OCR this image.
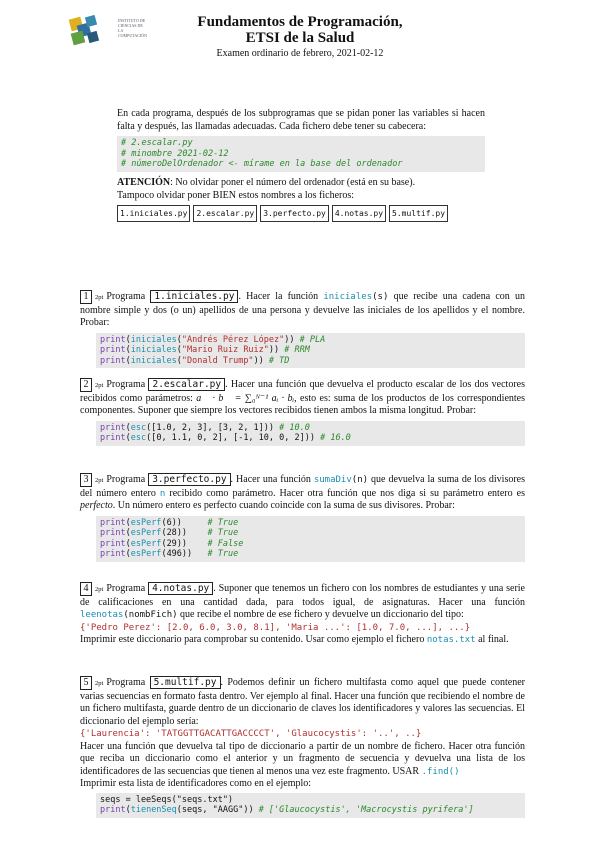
INSTITUTO DE CIENCIAS DE LA COMPUTACIÓN
Fundamentos de Programación,
ETSI de la Salud
Examen ordinario de febrero, 2021-02-12
En cada programa, después de los subprogramas que se pidan poner las variables si hacen falta y después, las llamadas adecuadas. Cada fichero debe tener su cabecera:
# 2.escalar.py
# minombre 2021-02-12
# númeroDelOrdenador <- mírame en la base del ordenador
ATENCIÓN: No olvidar poner el número del ordenador (está en su base).
Tampoco olvidar poner BIEN estos nombres a los ficheros:
1.iniciales.py	2.escalar.py	3.perfecto.py	4.notas.py	5.multif.py
1 2pt Programa 1.iniciales.py . Hacer la función iniciales(s) que recibe una cadena con un nombre simple y dos (o un) apellidos de una persona y devuelve las iniciales de los apellidos y el nombre. Probar:
print(iniciales("Andrés Pérez López")) # PLA
print(iniciales("Mario Ruiz Ruiz")) # RRM
print(iniciales("Donald Trump")) # TD
2 2pt Programa 2.escalar.py . Hacer una función que devuelva el producto escalar de los dos vectores recibidos como parámetros: a⃗ · b⃗ = ∑₀ᴺ⁻¹ aᵢ · bᵢ, esto es: suma de los productos de los correspondientes componentes. Suponer que siempre los vectores recibidos tienen ambos la misma longitud. Probar:
print(esc([1.0, 2, 3], [3, 2, 1])) # 10.0
print(esc([0, 1.1, 0, 2], [-1, 10, 0, 2])) # 16.0
3 2pt Programa 3.perfecto.py . Hacer una función sumaDiv(n) que devuelva la suma de los divisores del número entero n recibido como parámetro. Hacer otra función que nos diga si su parámetro entero es perfecto. Un número entero es perfecto cuando coincide con la suma de sus divisores. Probar:
print(esPerf(6))     # True
print(esPerf(28))    # True
print(esPerf(29))    # False
print(esPerf(496))   # True
4 2pt Programa 4.notas.py . Suponer que tenemos un fichero con los nombres de estudiantes y una serie de calificaciones en una cantidad dada, para todos igual, de asignaturas. Hacer una función leenotas(nombFich) que recibe el nombre de ese fichero y devuelve un diccionario del tipo:
{'Pedro Perez': [2.0, 6.0, 3.0, 8.1], 'Maria ...': [1.0, 7.0, ...], ...}
Imprimir este diccionario para comprobar su contenido. Usar como ejemplo el fichero notas.txt al final.
5 2pt Programa 5.multif.py . Podemos definir un fichero multifasta como aquel que puede contener varias secuencias en formato fasta dentro. Ver ejemplo al final. Hacer una función que recibiendo el nombre de un fichero multifasta, guarde dentro de un diccionario de claves los identificadores y valores las secuencias. El diccionario del ejemplo sería:
{'Laurencia': 'TATGGTTGACATTGACCCCT', 'Glaucocystis': '..', ..}
Hacer una función que devuelva tal tipo de diccionario a partir de un nombre de fichero. Hacer otra función que reciba un diccionario como el anterior y un fragmento de secuencia y devuelva una lista de los identificadores de las secuencias que tienen al menos una vez este fragmento. USAR .find()
Imprimir esta lista de identificadores como en el ejemplo:
seqs = leeSeqs("seqs.txt")
print(tienenSeq(seqs, "AAGG")) # ['Glaucocystis', 'Macrocystis pyrifera']
